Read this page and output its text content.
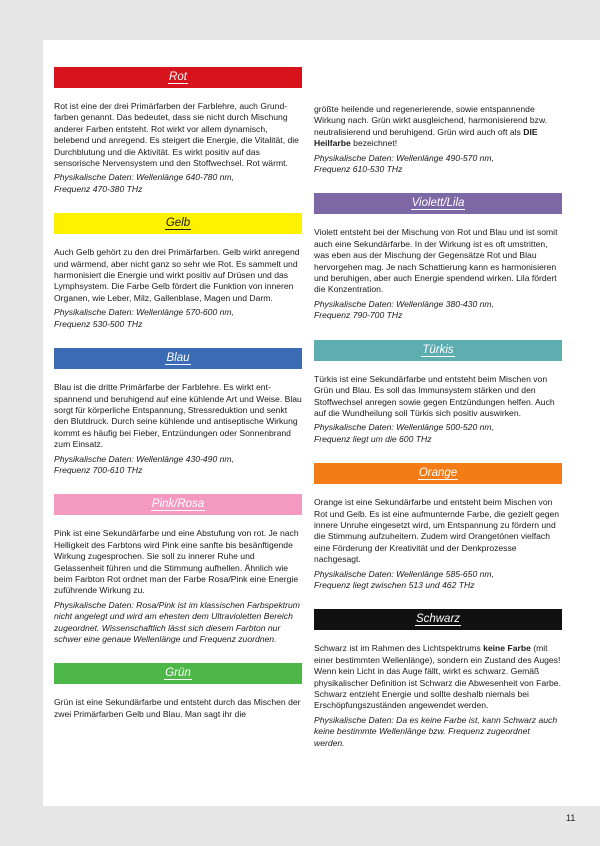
Rot

Rot ist eine der drei Primärfarben der Farblehre, auch Grundfarben genannt. Das bedeutet, dass sie nicht durch Mischung anderer Farben entsteht. Rot wirkt vor allem dynamisch, belebend und anregend. Es steigert die Energie, die Vitalität, die Durchblutung und die Aktivität. Es wirkt positiv auf das sensorische Nervensystem und den Stoffwechsel. Rot wärmt.

Physikalische Daten: Wellenlänge 640-780 nm,
Frequenz 470-380 THz

Gelb

Auch Gelb gehört zu den drei Primärfarben. Gelb wirkt anregend und wärmend, aber nicht ganz so sehr wie Rot. Es sammelt und harmonisiert die Energie und wirkt positiv auf Drüsen und das Lymphsystem. Die Farbe Gelb fördert die Funktion von inneren Organen, wie Leber, Milz, Gallenblase, Magen und Darm.

Physikalische Daten: Wellenlänge 570-600 nm,
Frequenz 530-500 THz

Blau

Blau ist die dritte Primärfarbe der Farblehre. Es wirkt entspannend und beruhigend auf eine kühlende Art und Weise. Blau sorgt für körperliche Entspannung, Stressreduktion und senkt den Blutdruck. Durch seine kühlende und antiseptische Wirkung kommt es häufig bei Fieber, Entzündungen oder Sonnenbrand zum Einsatz.

Physikalische Daten: Wellenlänge 430-490 nm,
Frequenz 700-610 THz

Pink/Rosa

Pink ist eine Sekundärfarbe und eine Abstufung von rot. Je nach Helligkeit des Farbtons wird Pink eine sanfte bis besänftigende Wirkung zugesprochen. Sie soll zu innerer Ruhe und Gelassenheit führen und die Stimmung aufhellen. Ähnlich wie beim Farbton Rot ordnet man der Farbe Rosa/Pink eine Energie zuführende Wirkung zu.

Physikalische Daten: Rosa/Pink ist im klassischen Farbspektrum nicht angelegt und wird am ehesten dem Ultravioletten Bereich zugeordnet. Wissenschaftlich lässt sich diesem Farbton nur schwer eine genaue Wellenlänge und Frequenz zuordnen.

Grün

Grün ist eine Sekundärfarbe und entsteht durch das Mischen der zwei Primärfarben Gelb und Blau. Man sagt ihr die

größte heilende und regenerierende, sowie entspannende Wirkung nach. Grün wirkt ausgleichend, harmonisierend bzw. neutralisierend und beruhigend. Grün wird auch oft als DIE Heilfarbe bezeichnet!

Physikalische Daten: Wellenlänge 490-570 nm,
Frequenz 610-530 THz

Violett/Lila

Violett entsteht bei der Mischung von Rot und Blau und ist somit auch eine Sekundärfarbe. In der Wirkung ist es oft umstritten, was eben aus der Mischung der Gegensätze Rot und Blau hervorgehen mag. Je nach Schattierung kann es harmonisieren und beruhigen, aber auch Energie spendend wirken. Lila fördert die Konzentration.

Physikalische Daten: Wellenlänge 380-430 nm,
Frequenz 790-700 THz

Türkis

Türkis ist eine Sekundärfarbe und entsteht beim Mischen von Grün und Blau. Es soll das Immunsystem stärken und den Stoffwechsel anregen sowie gegen Entzündungen helfen. Auch auf die Wundheilung soll Türkis sich positiv auswirken.

Physikalische Daten: Wellenlänge 500-520 nm,
Frequenz liegt um die 600 THz

Orange

Orange ist eine Sekundärfarbe und entsteht beim Mischen von Rot und Gelb. Es ist eine aufmunternde Farbe, die gezielt gegen innere Unruhe eingesetzt wird, um Entspannung zu fördern und die Stimmung aufzuheitern. Zudem wird Orangetönen vielfach eine Förderung der Kreativität und der Denkprozesse nachgesagt.

Physikalische Daten: Wellenlänge 585-650 nm,
Frequenz liegt zwischen 513 und 462 THz

Schwarz

Schwarz ist im Rahmen des Lichtspektrums keine Farbe (mit einer bestimmten Wellenlänge), sondern ein Zustand des Auges! Wenn kein Licht in das Auge fällt, wirkt es schwarz. Gemäß physikalischer Definition ist Schwarz die Abwesenheit von Farbe. Schwarz entzieht Energie und sollte deshalb niemals bei Erschöpfungszuständen angewendet werden.

Physikalische Daten: Da es keine Farbe ist, kann Schwarz auch keine bestimmte Wellenlänge bzw. Frequenz zugeordnet werden.

11
